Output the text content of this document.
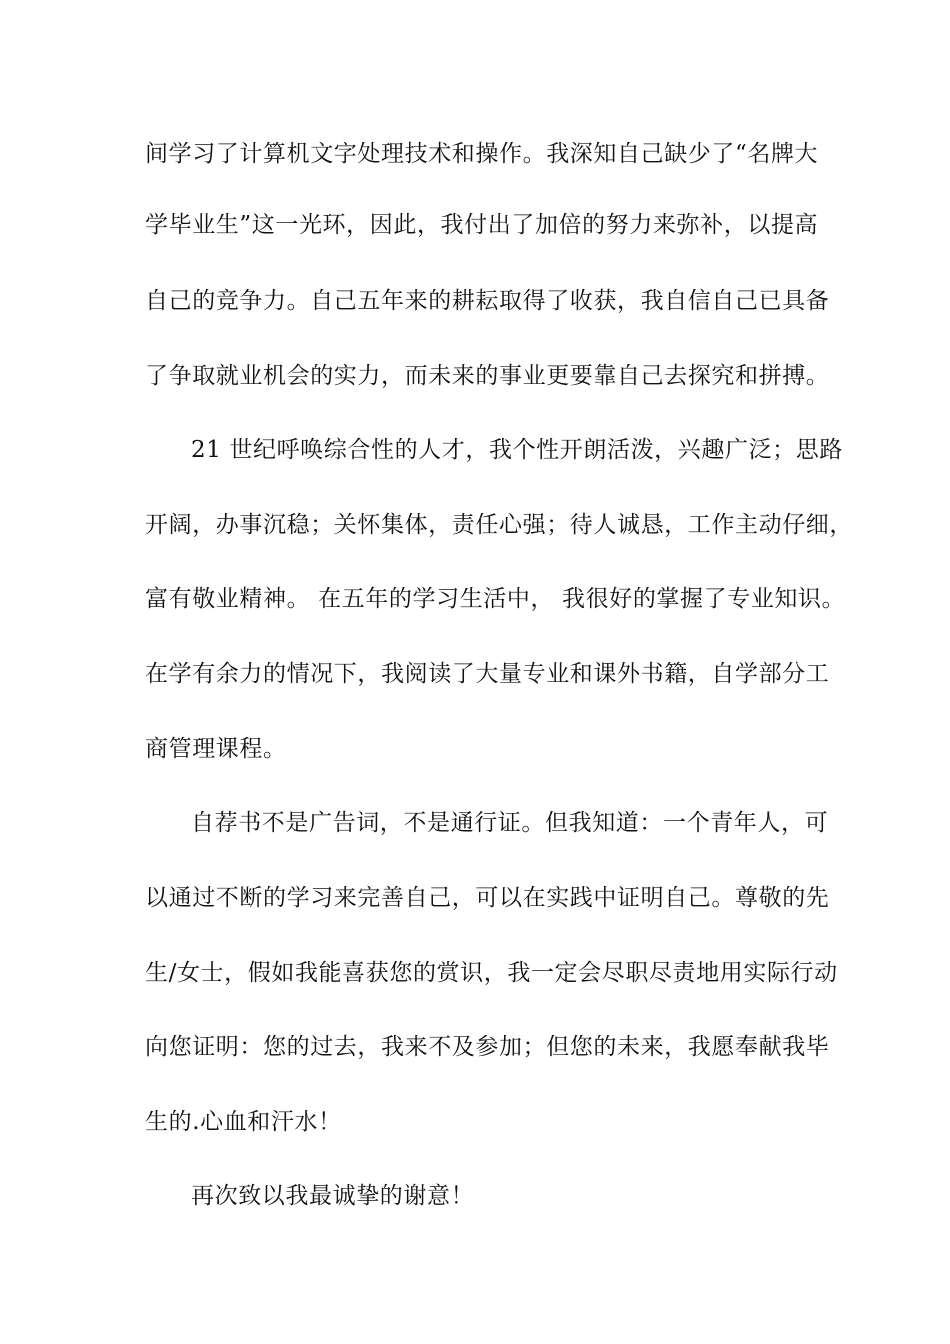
间学习了计算机文字处理技术和操作。我深知自己缺少了“名牌大

学毕业生”这一光环，因此，我付出了加倍的努力来弥补，以提高

自己的竞争力。自己五年来的耕耘取得了收获，我自信自己已具备

了争取就业机会的实力，而未来的事业更要靠自己去探究和拼搏。

21 世纪呼唤综合性的人才，我个性开朗活泼，兴趣广泛；思路

开阔，办事沉稳；关怀集体，责任心强；待人诚恳，工作主动仔细，

富有敬业精神。 在五年的学习生活中， 我很好的掌握了专业知识。

在学有余力的情况下，我阅读了大量专业和课外书籍，自学部分工

商管理课程。

自荐书不是广告词，不是通行证。但我知道：一个青年人，可

以通过不断的学习来完善自己，可以在实践中证明自己。尊敬的先

生/女士，假如我能喜获您的赏识，我一定会尽职尽责地用实际行动

向您证明：您的过去，我来不及参加；但您的未来，我愿奉献我毕

生的.心血和汗水！

再次致以我最诚挚的谢意！
